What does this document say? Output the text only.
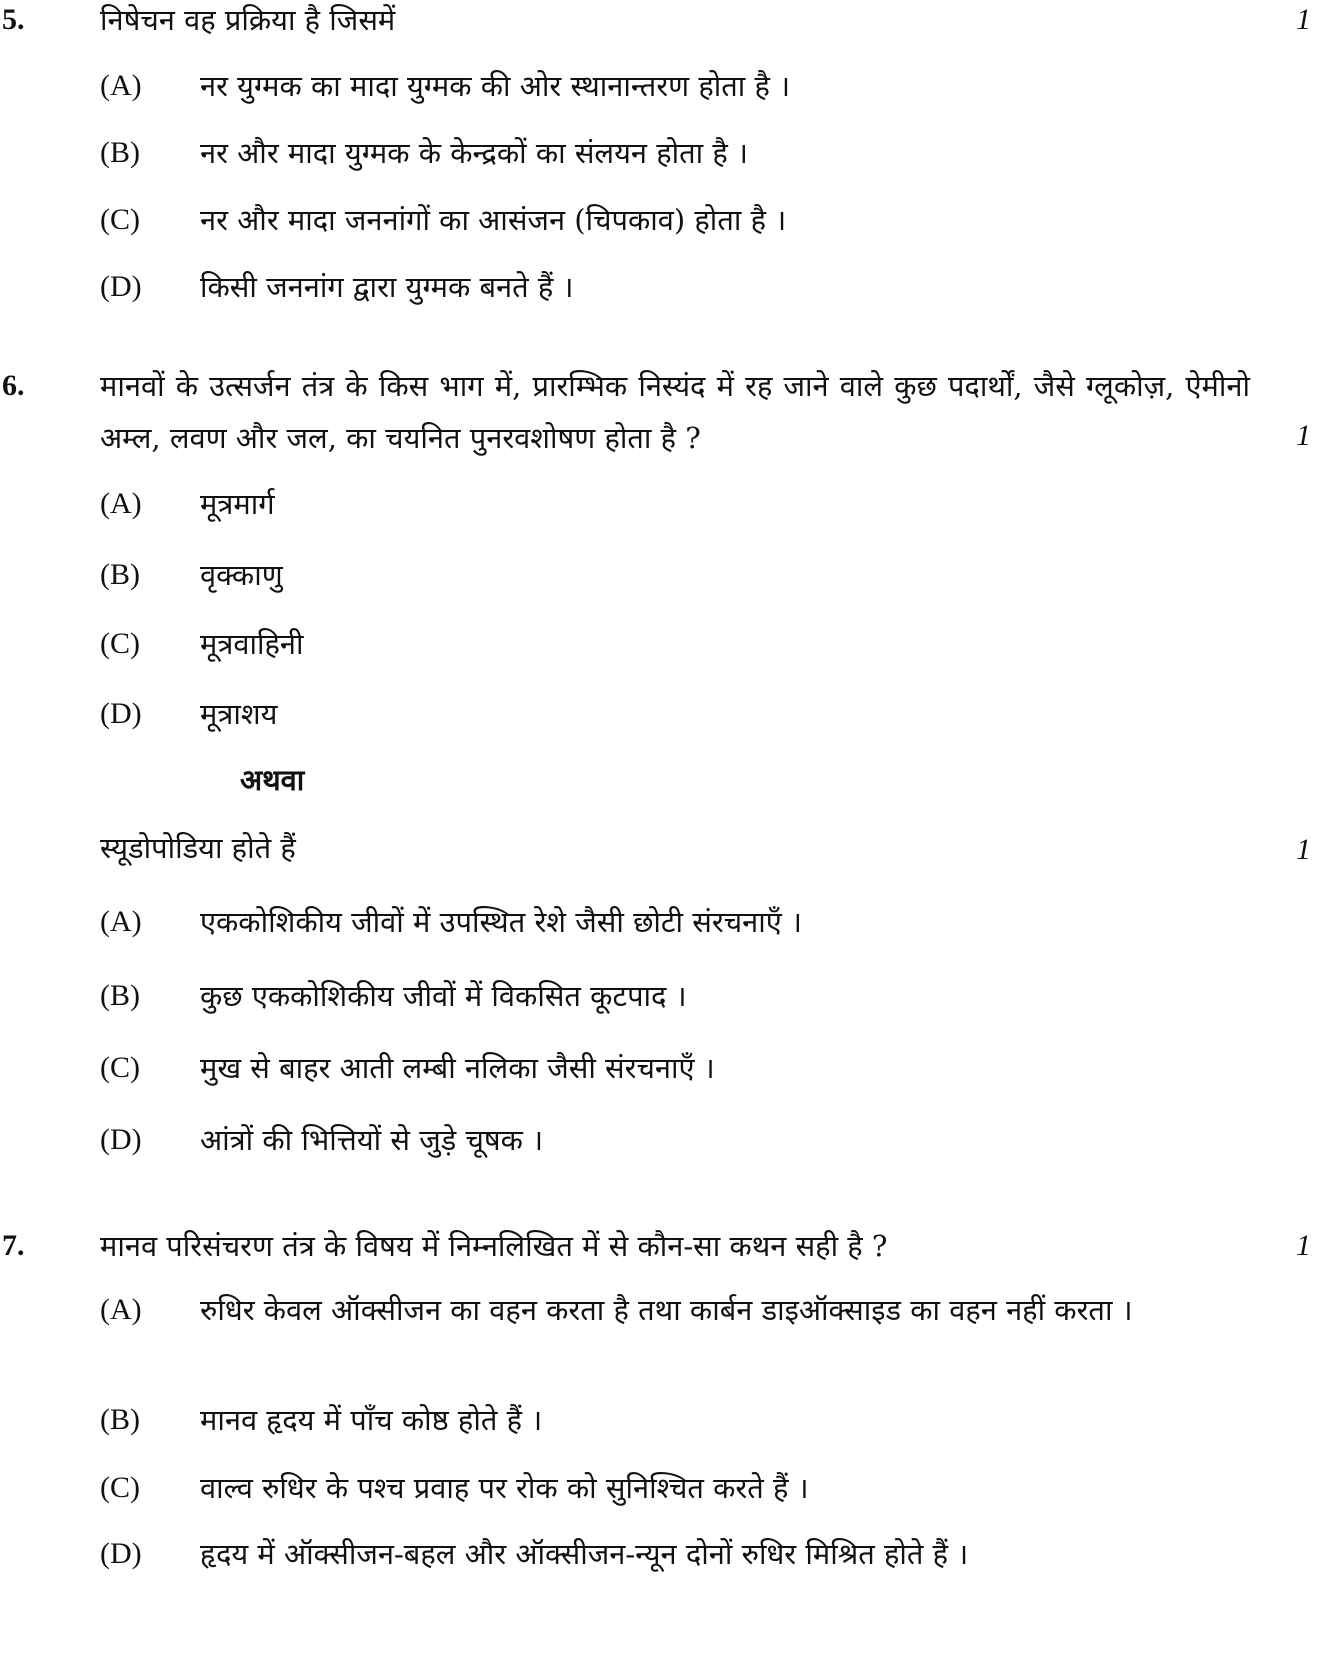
5.	निषेचन वह प्रक्रिया है जिसमें	1
(A) नर युग्मक का मादा युग्मक की ओर स्थानान्तरण होता है ।
(B) नर और मादा युग्मक के केन्द्रकों का संलयन होता है ।
(C) नर और मादा जननांगों का आसंजन (चिपकाव) होता है ।
(D) किसी जननांग द्वारा युग्मक बनते हैं ।
6.	मानवों के उत्सर्जन तंत्र के किस भाग में, प्रारम्भिक निस्यंद में रह जाने वाले कुछ पदार्थों, जैसे ग्लूकोज़, ऐमीनो अम्ल, लवण और जल, का चयनित पुनरवशोषण होता है ?	1
(A) मूत्रमार्ग
(B) वृक्काणु
(C) मूत्रवाहिनी
(D) मूत्राशय
अथवा
स्यूडोपोडिया होते हैं	1
(A) एककोशिकीय जीवों में उपस्थित रेशे जैसी छोटी संरचनाएँ ।
(B) कुछ एककोशिकीय जीवों में विकसित कूटपाद ।
(C) मुख से बाहर आती लम्बी नलिका जैसी संरचनाएँ ।
(D) आंत्रों की भित्तियों से जुड़े चूषक ।
7.	मानव परिसंचरण तंत्र के विषय में निम्नलिखित में से कौन-सा कथन सही है ?	1
(A) रुधिर केवल ऑक्सीजन का वहन करता है तथा कार्बन डाइऑक्साइड का वहन नहीं करता ।
(B) मानव हृदय में पाँच कोष्ठ होते हैं ।
(C) वाल्व रुधिर के पश्च प्रवाह पर रोक को सुनिश्चित करते हैं ।
(D) हृदय में ऑक्सीजन-बहल और ऑक्सीजन-न्यून दोनों रुधिर मिश्रित होते हैं ।
